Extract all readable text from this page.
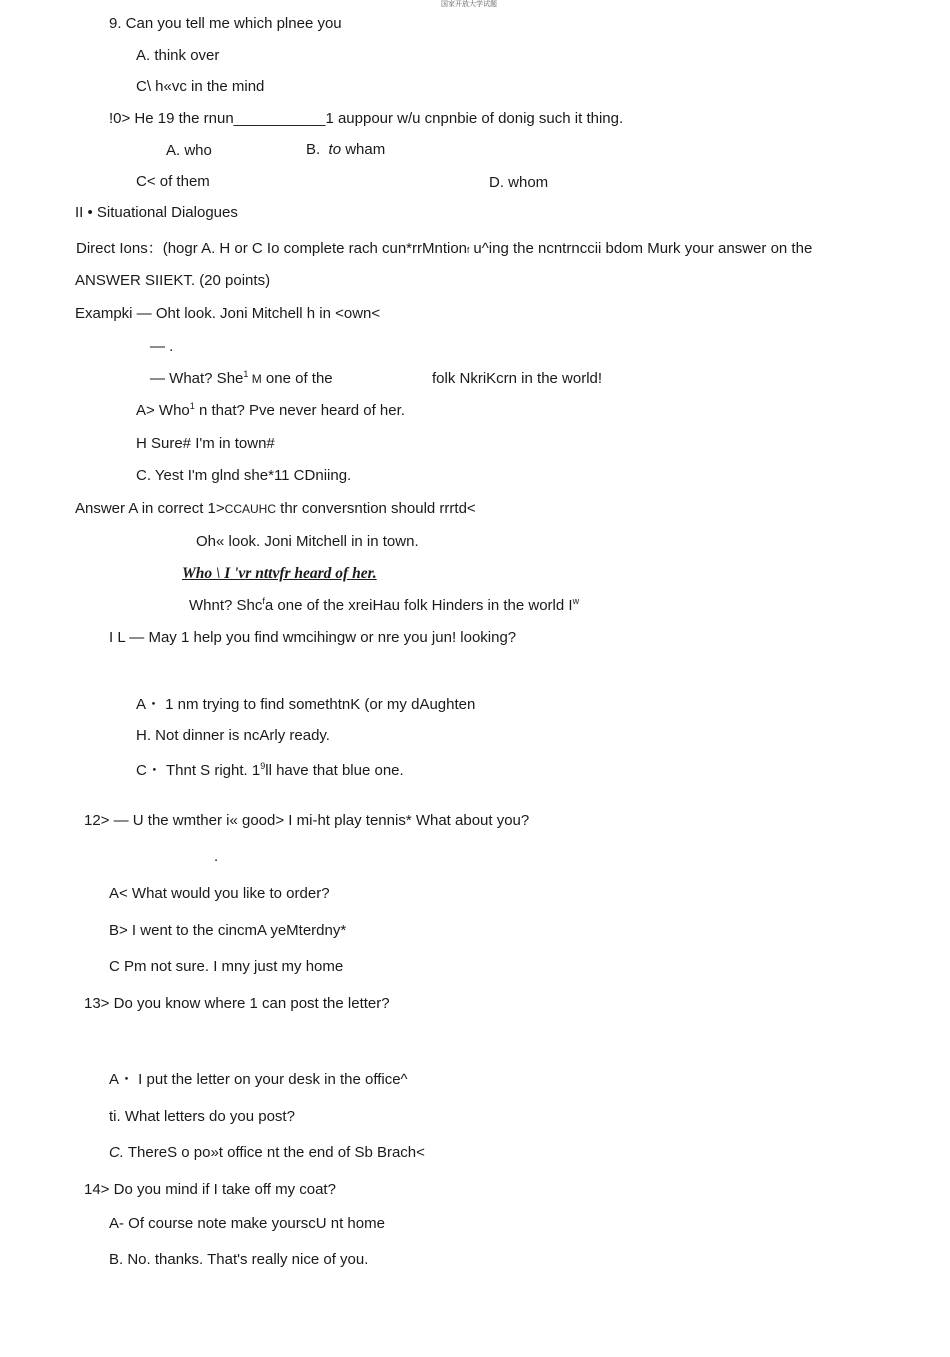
国家开放大学试题
9. Can you tell me which plnee you
A. think over
C\ h«vc in the mind
!0> He 19 the rnun___________1 auppour w/u cnpnbie of donig such it thing.
A. who	B. to wham
C< of them	D. whom
II • Situational Dialogues
Direct Ions：(hogr A. H or C Io complete rach cun*rrMntionf u^ing the ncntrnccii bdom Murk your answer on the
ANSWER SIIEKT. (20 points)
Exampki — Oht look. Joni Mitchell h in <own<
— .
— What? She$^1$ M one of the	folk NkriKcrn in the world!
A> Who$^1$ n that? Pve never heard of her.
H Sure# I'm in town#
C. Yest I'm glnd she*11 CDniing.
Answer A in correct 1>CCAUHC thr conversntion should rrrtd<
Oh« look. Joni Mitchell in in town.
Who \ I 'vr nttvfr heard of her.
Whnt? Shc$^f$a one of the xreiHau folk Hinders in the world $I^w$
I L — May 1 help you find wmcihingw or nre you jun! looking?
A・ 1 nm trying to find somethtnK (or my dAughten
H. Not dinner is ncArly ready.
C・ Thnt S right. $1^9ll$ have that blue one.
12> — U the wmther i« good> I mi-ht play tennis* What about you?
.
A< What would you like to order?
B> I went to the cincmA yeMterdny*
C Pm not sure. I mny just my home
13> Do you know where 1 can post the letter?
A・ I put the letter on your desk in the office^
ti. What letters do you post?
C. ThereS o po»t office nt the end of Sb Brach<
14> Do you mind if I take off my coat?
A- Of course note make yourscU nt home
B. No. thanks. That's really nice of you.
